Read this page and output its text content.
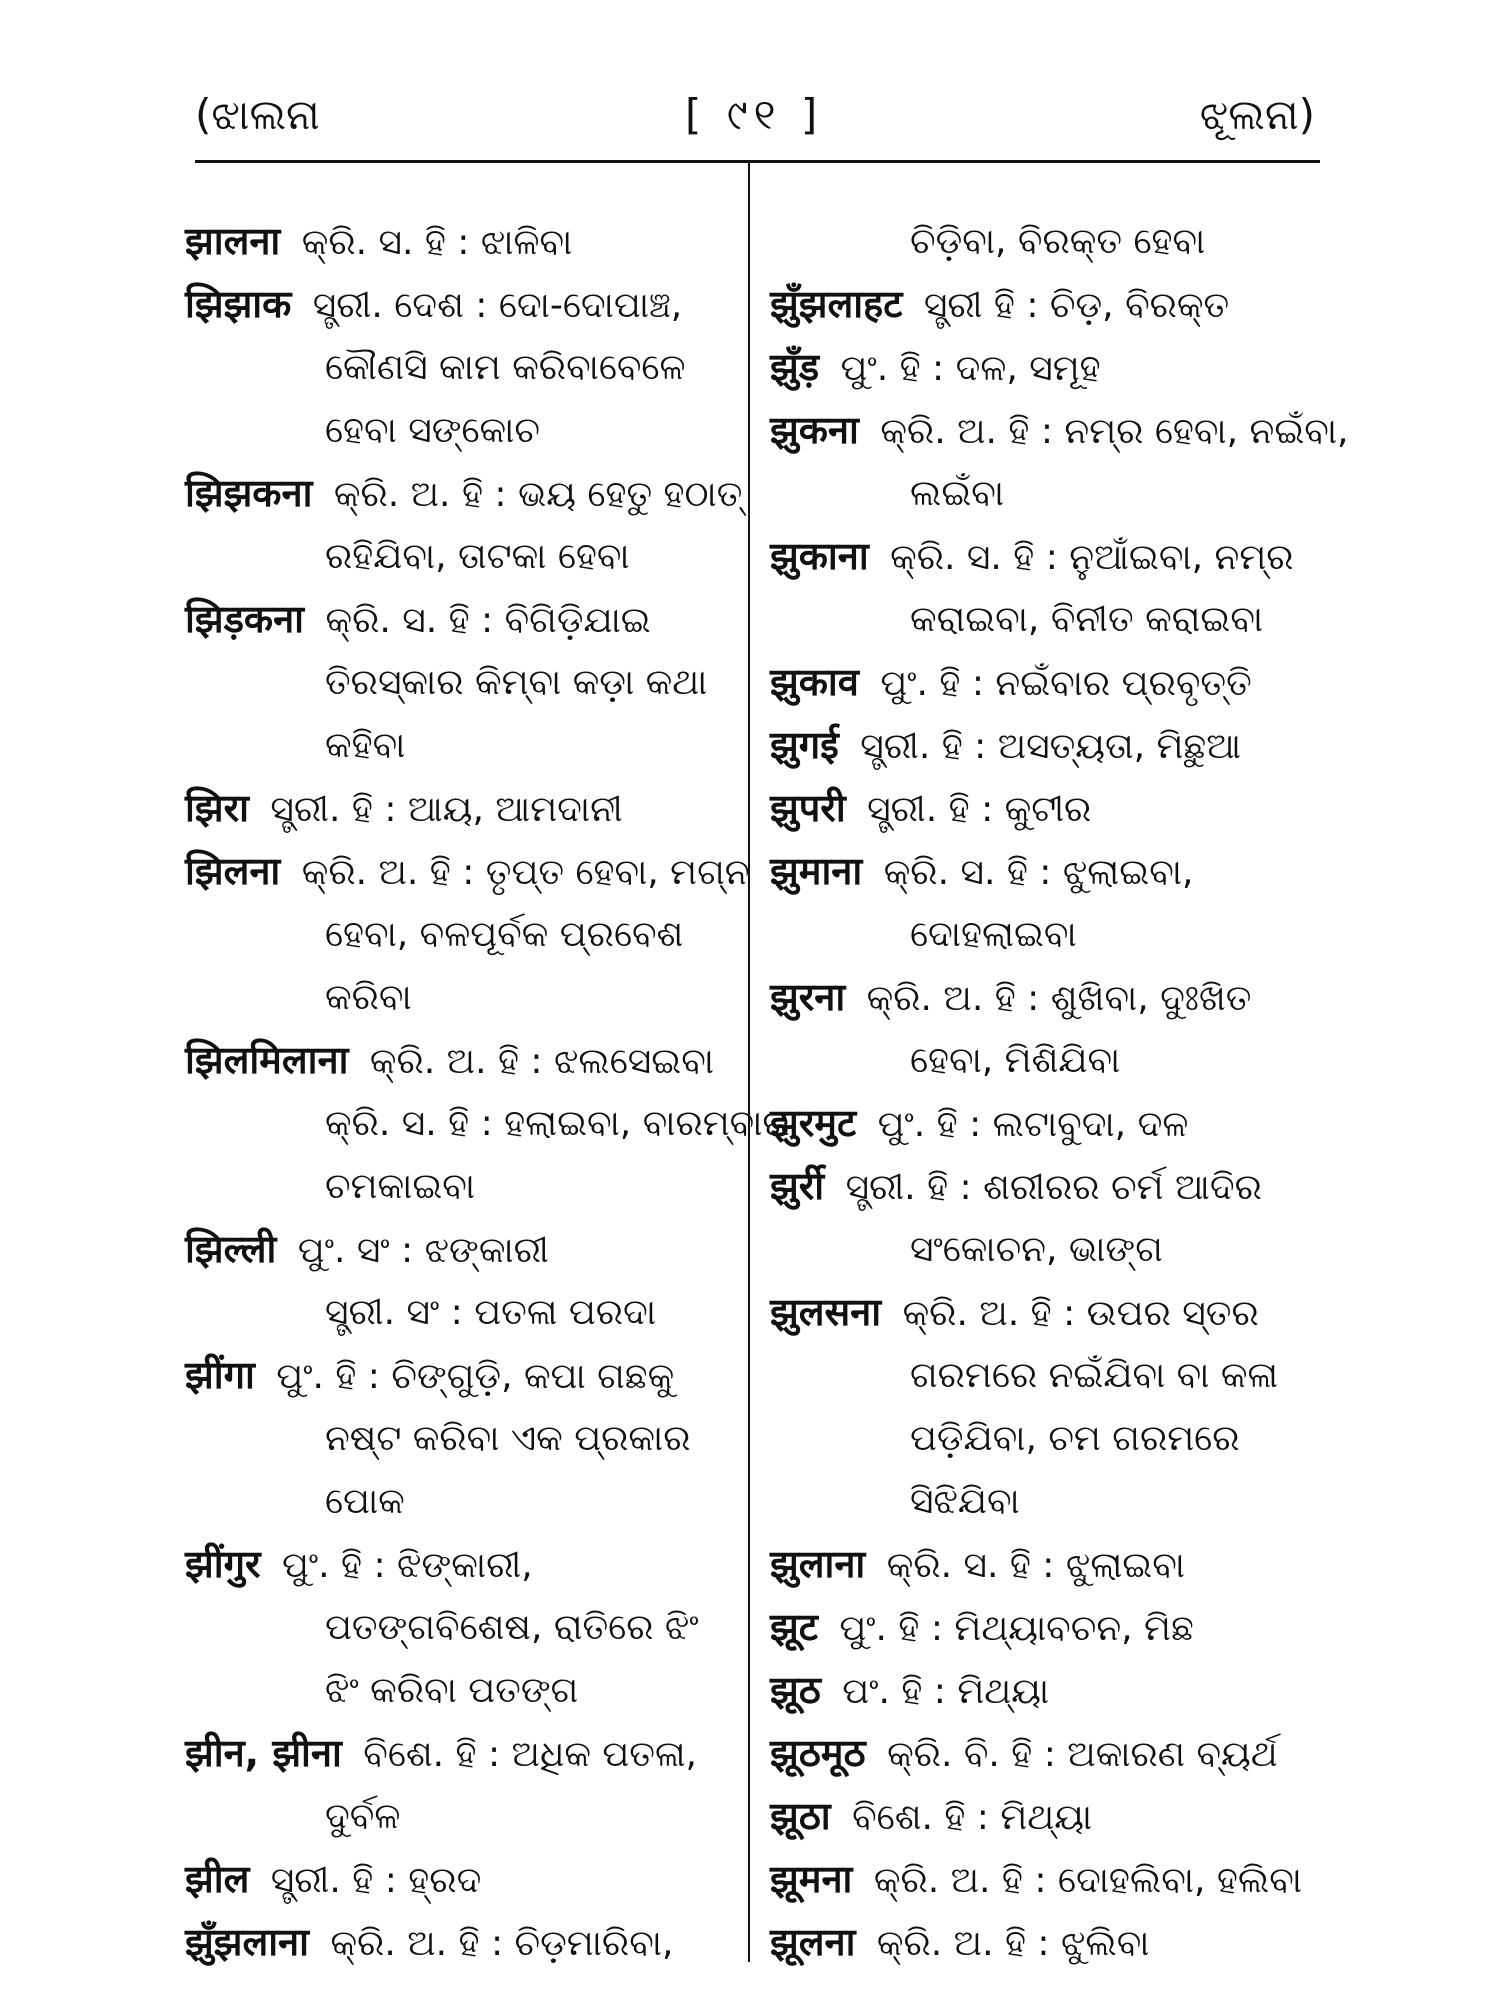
(ଝାଲନା	[ ୯୧ ]	ଝୂଲନା)
झालना କ୍ରି. ସ. ହି : ଝାଳିବା
झिझाक ସ୍ତ୍ରୀ. ଦେଶ : ଦୋ-ଦୋପାଞ୍ଚ,
କୌଣସି କାମ କରିବାବେଳେ
ହେବା ସଙ୍କୋଚ
झिझकना କ୍ରି. ଅ. ହି : ଭୟ ହେତୁ ହଠାତ୍
ରହିଯିବା, ତାଟକା ହେବା
झिड़कना କ୍ରି. ସ. ହି : ବିଗିଡ଼ିଯାଇ
ତିରସ୍କାର କିମ୍ବା କଡ଼ା କଥା
କହିବା
झिरा ସ୍ତ୍ରୀ. ହି : ଆୟ, ଆମଦାନୀ
झिलना କ୍ରି. ଅ. ହି : ତୃପ୍ତ ହେବା, ମଗ୍ନ
ହେବା, ବଳପୂର୍ବକ ପ୍ରବେଶ
କରିବା
झिलमिलाना କ୍ରି. ଅ. ହି : ଝଲସେଇବା
କ୍ରି. ସ. ହି : ହଲାଇବା, ବାରମ୍ବାର
ଚମକାଇବା
झिल्ली ପୁଂ. ସଂ : ଝଙ୍କାରୀ
ସ୍ତ୍ରୀ. ସଂ : ପତଳା ପରଦା
झींगा ପୁଂ. ହି : ଚିଙ୍ଗୁଡ଼ି, କପା ଗଛକୁ
ନଷ୍ଟ କରିବା ଏକ ପ୍ରକାର
ପୋକ
झींगुर ପୁଂ. ହି : ଝିଙ୍କାରୀ,
ପତଙ୍ଗବିଶେଷ, ରାତିରେ ଝିଂ
ଝିଂ କରିବା ପତଙ୍ଗ
झीन, झीना ବିଶେ. ହି : ଅଧିକ ପତଳା,
ଦୁର୍ବଳ
झील ସ୍ତ୍ରୀ. ହି : ହ୍ରଦ
झुँझलाना କ୍ରି. ଅ. ହି : ଚିଡ଼ମାରିବା,
ଚିଡ଼ିବା, ବିରକ୍ତ ହେବା
झुँझलाहट ସ୍ତ୍ରୀ ହି : ଚିଡ଼, ବିରକ୍ତ
झुँड़ ପୁଂ. ହି : ଦଳ, ସମୂହ
झुकना କ୍ରି. ଅ. ହି : ନମ୍ର ହେବା, ନଇଁବା,
ଲଇଁବା
झुकाना କ୍ରି. ସ. ହି : ନୁଆଁଇବା, ନମ୍ର
କରାଇବା, ବିନୀତ କରାଇବା
झुकाव ପୁଂ. ହି : ନଇଁବାର ପ୍ରବୃତ୍ତି
झुगई ସ୍ତ୍ରୀ. ହି : ଅସତ୍ୟତା, ମିଛୁଆ
झुपरी ସ୍ତ୍ରୀ. ହି : କୁଟୀର
झुमाना କ୍ରି. ସ. ହି : ଝୁଲାଇବା,
ଦୋହଲାଇବା
झुरना କ୍ରି. ଅ. ହି : ଶୁଖିବା, ଦୁଃଖିତ
ହେବା, ମିଶିଯିବା
झुरमुट ପୁଂ. ହି : ଲଟାବୁଦା, ଦଳ
झुर्री ସ୍ତ୍ରୀ. ହି : ଶରୀରର ଚର୍ମ ଆଦିର
ସଂକୋଚନ, ଭାଙ୍ଗ
झुलसना କ୍ରି. ଅ. ହି : ଉପର ସ୍ତର
ଗରମରେ ନଇଁଯିବା ବା କଳା
ପଡ଼ିଯିବା, ଚମ ଗରମରେ
ସିଝିଯିବା
झुलाना କ୍ରି. ସ. ହି : ଝୁଲାଇବା
झूट ପୁଂ. ହି : ମିଥ୍ୟାବଚନ, ମିଛ
झूठ ପଂ. ହି : ମିଥ୍ୟା
झूठमूठ କ୍ରି. ବି. ହି : ଅକାରଣ ବ୍ୟର୍ଥ
झूठा ବିଶେ. ହି : ମିଥ୍ୟା
झूमना କ୍ରି. ଅ. ହି : ଦୋହଲିବା, ହଲିବା
झूलना କ୍ରି. ଅ. ହି : ଝୁଲିବା
